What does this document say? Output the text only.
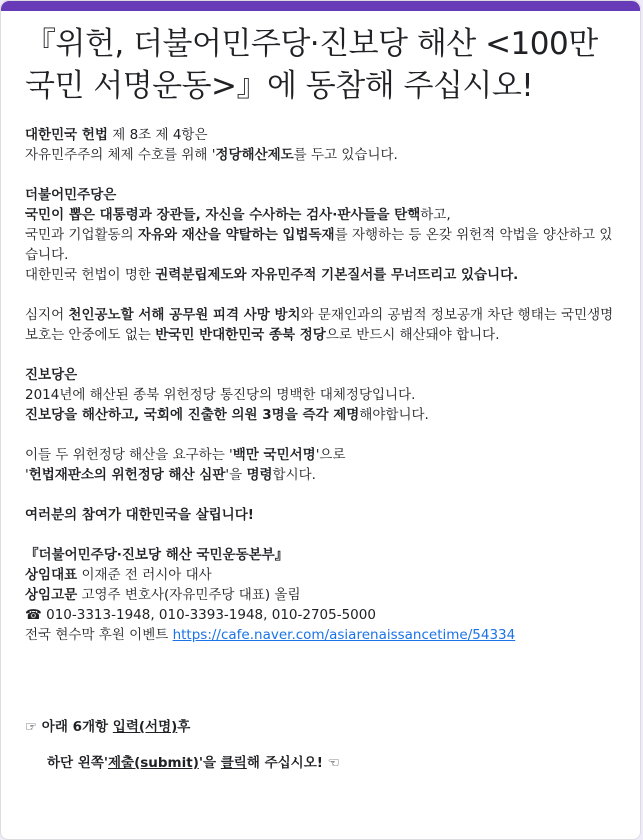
『위헌, 더불어민주당·진보당 해산 <100만 국민 서명운동>』에 동참해 주십시오!

대한민국 헌법 제 8조 제 4항은

자유민주주의 체제 수호를 위해 '정당해산제도를 두고 있습니다.

더불어민주당은

국민이 뽑은 대통령과 장관들, 자신을 수사하는 검사·판사들을 탄핵하고,

국민과 기업활동의 자유와 재산을 약탈하는 입법독재를 자행하는 등 온갖 위헌적 악법을 양산하고 있습니다.

대한민국 헌법이 명한 권력분립제도와 자유민주적 기본질서를 무너뜨리고 있습니다.

심지어 천인공노할 서해 공무원 피격 사망 방치와 문재인과의 공범적 정보공개 차단 행태는 국민생명 보호는 안중에도 없는 반국민 반대한민국 종북 정당으로 반드시 해산돼야 합니다.

진보당은

2014년에 해산된 종북 위헌정당 통진당의 명백한 대체정당입니다.

진보당을 해산하고, 국회에 진출한 의원 3명을 즉각 제명해야합니다.

이들 두 위헌정당 해산을 요구하는 '백만 국민서명'으로

'헌법재판소의 위헌정당 해산 심판'을 명령합시다.

여러분의 참여가 대한민국을 살립니다!

『더불어민주당·진보당 해산 국민운동본부』

상임대표 이재준 전 러시아 대사

상임고문 고영주 변호사(자유민주당 대표) 올림

☎ 010-3313-1948, 010-3393-1948, 010-2705-5000

전국 현수막 후원 이벤트 https://cafe.naver.com/asiarenaissancetime/54334

☞ 아래 6개항 입력(서명)후
하단 왼쪽'제출(submit)'을 클릭해 주십시오! ☜
